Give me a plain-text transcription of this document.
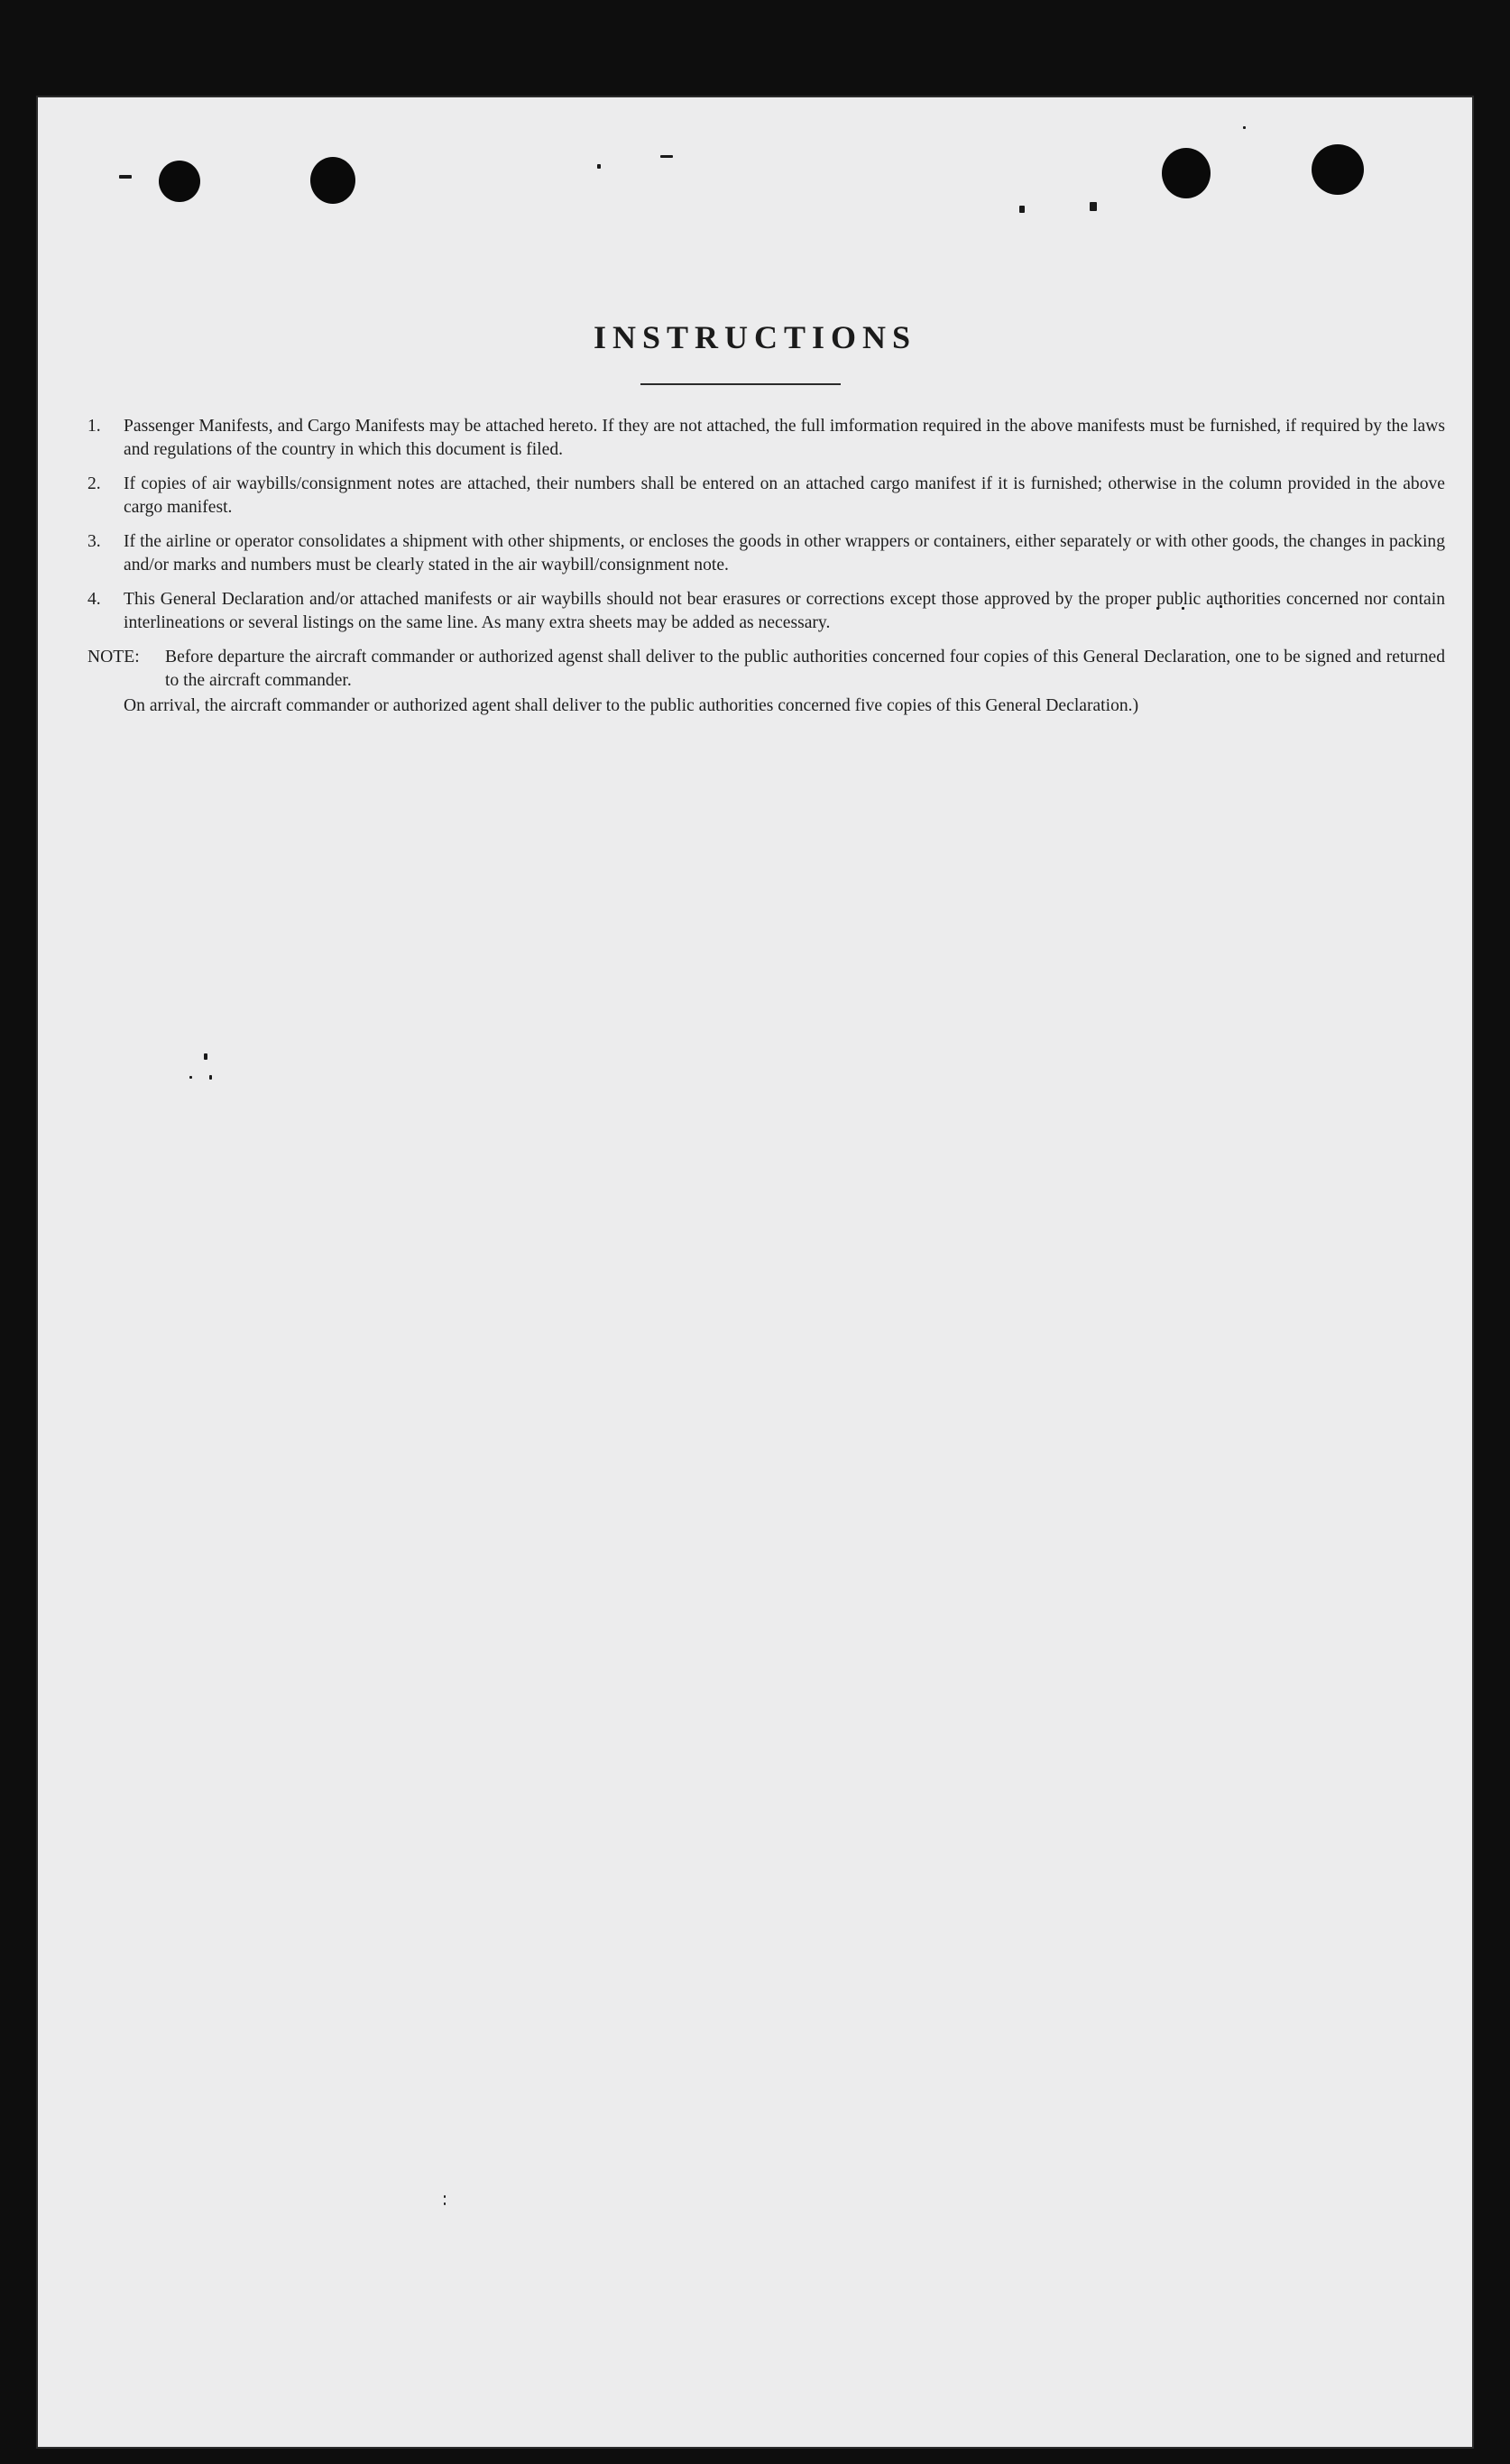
INSTRUCTIONS
1.	Passenger Manifests, and Cargo Manifests may be attached hereto. If they are not attached, the full imformation required in the above manifests must be furnished, if required by the laws and regulations of the country in which this document is filed.
2.	If copies of air waybills/consignment notes are attached, their numbers shall be entered on an attached cargo manifest if it is furnished; otherwise in the column provided in the above cargo manifest.
3.	If the airline or operator consolidates a shipment with other shipments, or encloses the goods in other wrappers or containers, either separately or with other goods, the changes in packing and/or marks and numbers must be clearly stated in the air waybill/consignment note.
4.	This General Declaration and/or attached manifests or air waybills should not bear erasures or corrections except those approved by the proper public authorities concerned nor contain interlineations or several listings on the same line. As many extra sheets may be added as necessary.
NOTE:	Before departure the aircraft commander or authorized agenst shall deliver to the public authorities concerned four copies of this General Declaration, one to be signed and returned to the aircraft commander.
On arrival, the aircraft commander or authorized agent shall deliver to the public authorities concerned five copies of this General Declaration.)
